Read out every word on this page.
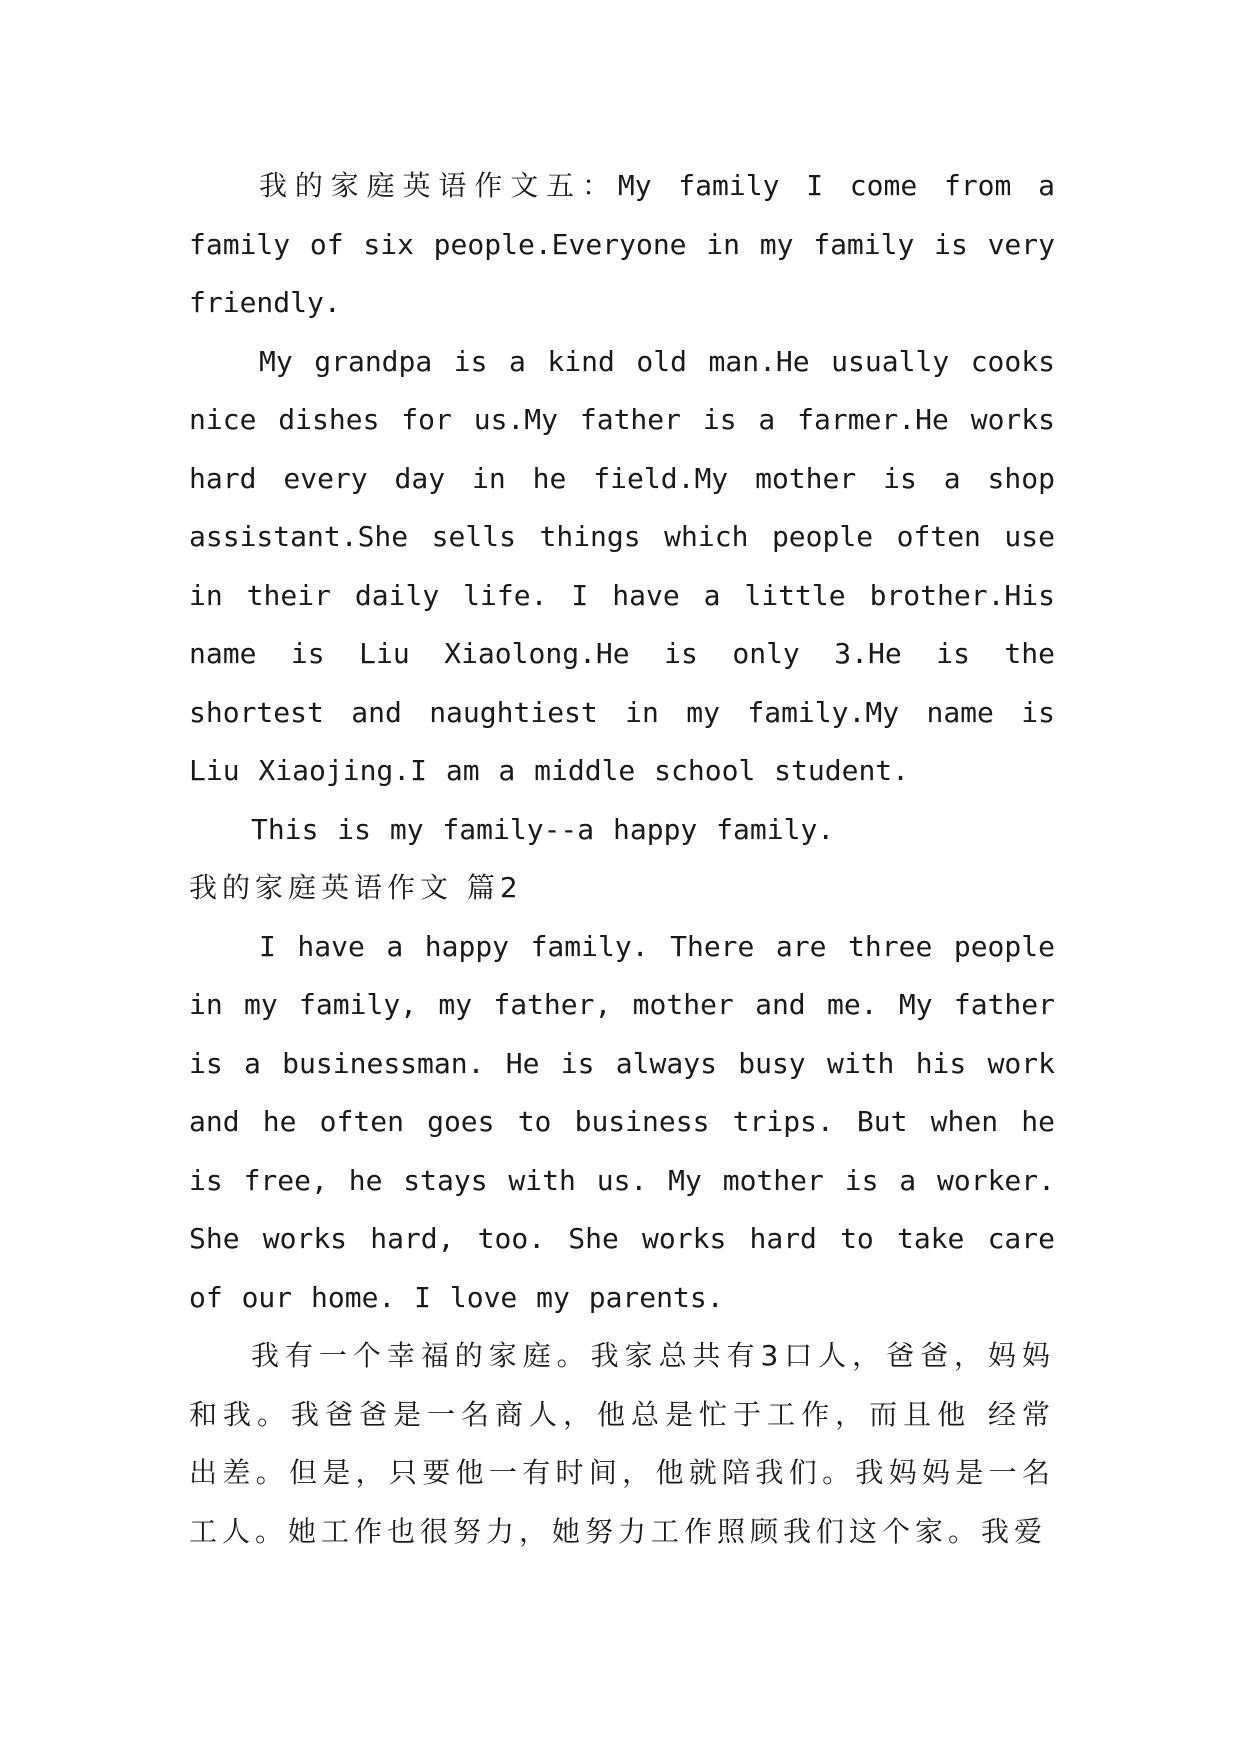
我的家庭英语作文五：My family I come from a family of six people.Everyone in my family is very friendly.

My grandpa is a kind old man.He usually cooks nice dishes for us.My father is a farmer.He works hard every day in he field.My mother is a shop assistant.She sells things which people often use in their daily life. I have a little brother.His name is Liu Xiaolong.He is only 3.He is the shortest and naughtiest in my family.My name is Liu Xiaojing.I am a middle school student.

This is my family--a happy family.

我的家庭英语作文 篇2

I have a happy family. There are three people in my family, my father, mother and me. My father is a businessman. He is always busy with his work and he often goes to business trips. But when he is free, he stays with us. My mother is a worker. She works hard, too. She works hard to take care of our home. I love my parents.

我有一个幸福的家庭。我家总共有3口人，爸爸，妈妈和我。我爸爸是一名商人，他总是忙于工作，而且他 经常出差。但是，只要他一有时间，他就陪我们。我妈妈是一名工人。她工作也很努力，她努力工作照顾我们这个家。我爱
